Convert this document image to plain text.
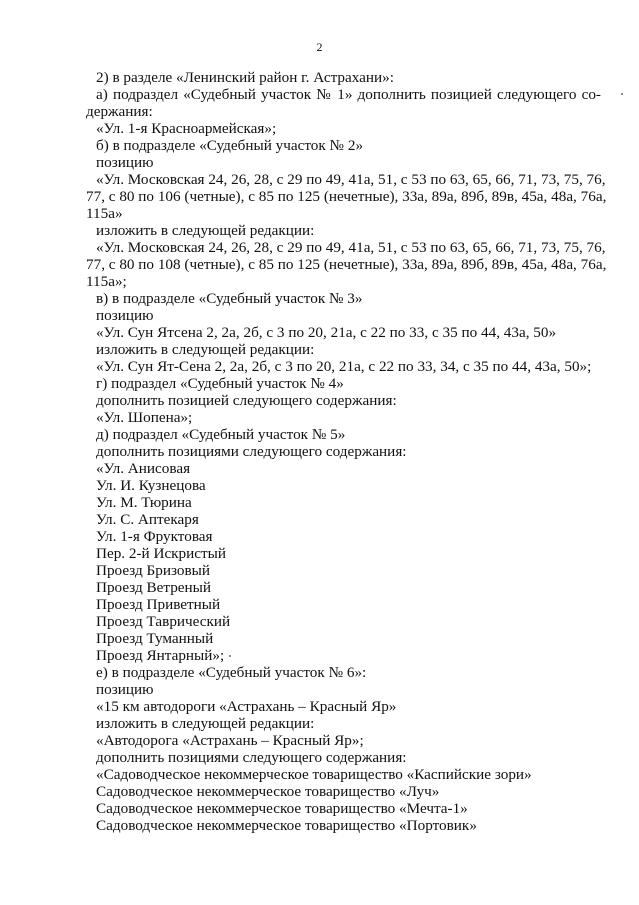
2
2) в разделе «Ленинский район г. Астрахани»:
а) подраздел «Судебный участок № 1» дополнить позицией следующего со-
держания:
«Ул. 1-я Красноармейская»;
б) в подразделе «Судебный участок № 2»
позицию
«Ул. Московская 24, 26, 28, с 29 по 49, 41а, 51, с 53 по 63, 65, 66, 71, 73, 75, 76,
77, с 80 по 106 (четные), с 85 по 125 (нечетные), 33а, 89а, 89б, 89в, 45а, 48а, 76а,
115а»
изложить в следующей редакции:
«Ул. Московская 24, 26, 28, с 29 по 49, 41а, 51, с 53 по 63, 65, 66, 71, 73, 75, 76,
77, с 80 по 108 (четные), с 85 по 125 (нечетные), 33а, 89а, 89б, 89в, 45а, 48а, 76а,
115а»;
в) в подразделе «Судебный участок № 3»
позицию
«Ул. Сун Ятсена 2, 2а, 2б, с 3 по 20, 21а, с 22 по 33, с 35 по 44, 43а, 50»
изложить в следующей редакции:
«Ул. Сун Ят-Сена 2, 2а, 2б, с 3 по 20, 21а, с 22 по 33, 34, с 35 по 44, 43а, 50»;
г) подраздел «Судебный участок № 4»
дополнить позицией следующего содержания:
«Ул. Шопена»;
д) подраздел «Судебный участок № 5»
дополнить позициями следующего содержания:
«Ул. Анисовая
Ул. И. Кузнецова
Ул. М. Тюрина
Ул. С. Аптекаря
Ул. 1-я Фруктовая
Пер. 2-й Искристый
Проезд Бризовый
Проезд Ветреный
Проезд Приветный
Проезд Таврический
Проезд Туманный
Проезд Янтарный»;
е) в подразделе «Судебный участок № 6»:
позицию
«15 км автодороги «Астрахань – Красный Яр»
изложить в следующей редакции:
«Автодорога «Астрахань – Красный Яр»;
дополнить позициями следующего содержания:
«Садоводческое некоммерческое товарищество «Каспийские зори»
Садоводческое некоммерческое товарищество «Луч»
Садоводческое некоммерческое товарищество «Мечта-1»
Садоводческое некоммерческое товарищество «Портовик»
